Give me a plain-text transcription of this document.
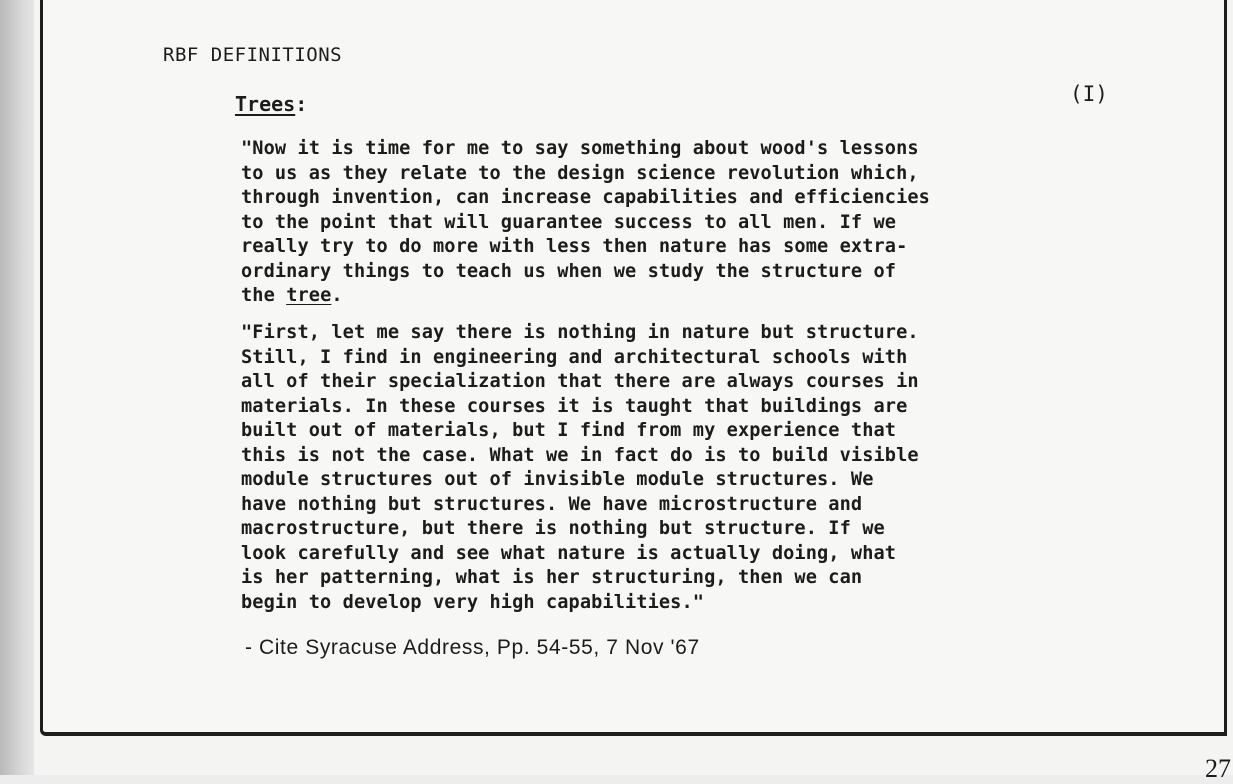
RBF DEFINITIONS
(I)
Trees:
"Now it is time for me to say something about wood's lessons
to us as they relate to the design science revolution which,
through invention, can increase capabilities and efficiencies
to the point that will guarantee success to all men. If we
really try to do more with less then nature has some extra-
ordinary things to teach us when we study the structure of
the tree.
"First, let me say there is nothing in nature but structure.
Still, I find in engineering and architectural schools with
all of their specialization that there are always courses in
materials. In these courses it is taught that buildings are
built out of materials, but I find from my experience that
this is not the case. What we in fact do is to build visible
module structures out of invisible module structures. We
have nothing but structures. We have microstructure and
macrostructure, but there is nothing but structure. If we
look carefully and see what nature is actually doing, what
is her patterning, what is her structuring, then we can
begin to develop very high capabilities."
- Cite Syracuse Address, Pp. 54-55, 7 Nov '67
27
